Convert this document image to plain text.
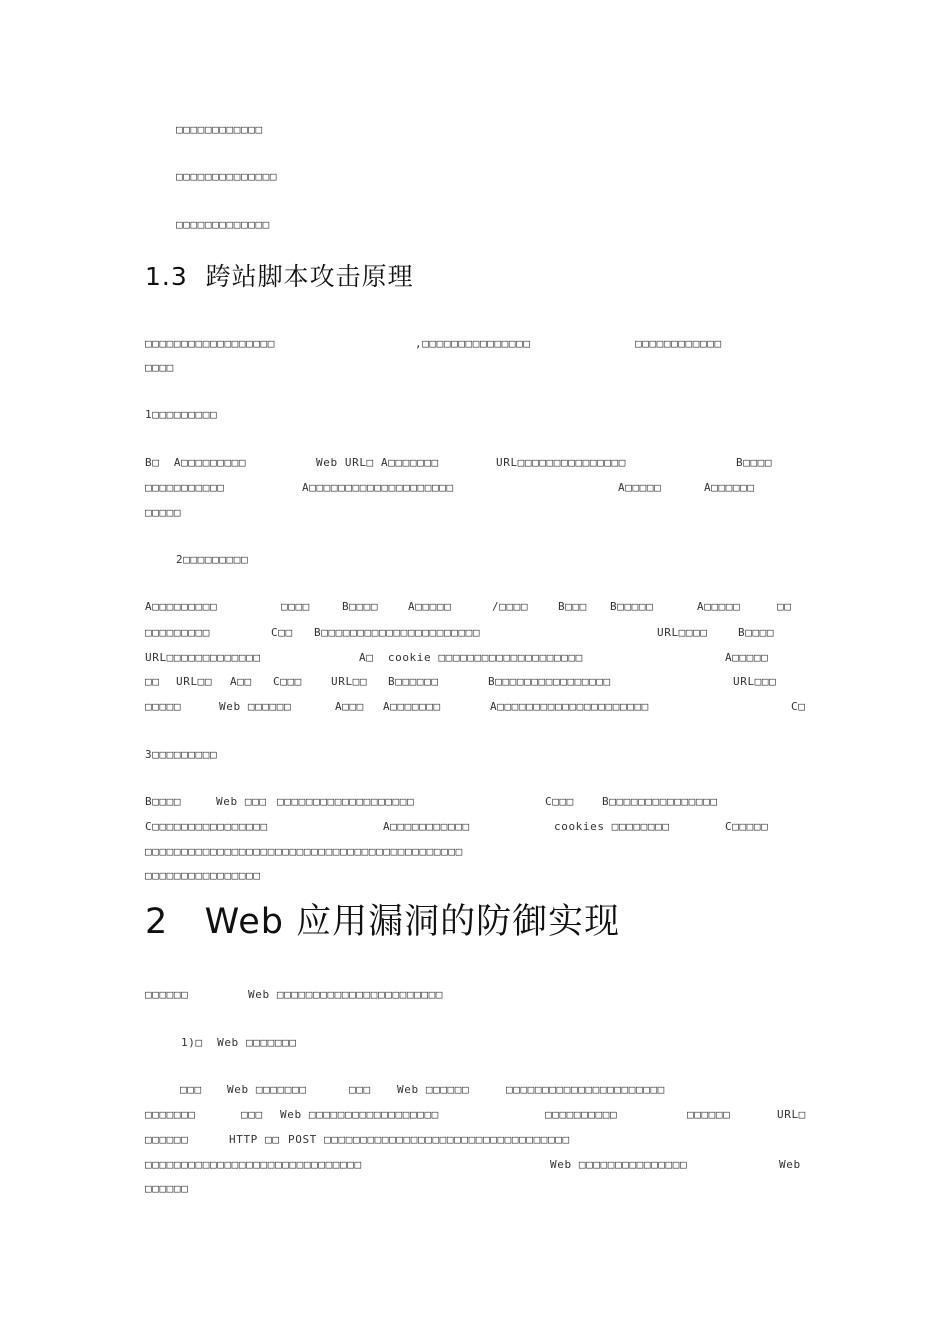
□□□□□□□□□□□□
□□□□□□□□□□□□□□
□□□□□□□□□□□□□
1.3  跨站脚本攻击原理
□□□□□□□□□□□□□□□□□□	,□□□□□□□□□□□□□□□	□□□□□□□□□□□□
□□□□
1□□□□□□□□□
B□  A□□□□□□□□□	Web URL□ A□□□□□□□	URL□□□□□□□□□□□□□□□	B□□□□
□□□□□□□□□□□	A□□□□□□□□□□□□□□□□□□□□	A□□□□□	A□□□□□□
□□□□□
2□□□□□□□□□
A□□□□□□□□□	□□□□	B□□□□	A□□□□□	/□□□□	B□□□ B□□□□□	A□□□□□	□□
□□□□□□□□□	C□□ B□□□□□□□□□□□□□□□□□□□□□□	URL□□□□	B□□□□
URL□□□□□□□□□□□□□	A□  cookie □□□□□□□□□□□□□□□□□□□□	A□□□□□
□□ URL□□ A□□ C□□□	URL□□ B□□□□□□	B□□□□□□□□□□□□□□□□	URL□□□
□□□□□	Web □□□□□□	A□□□ A□□□□□□□	A□□□□□□□□□□□□□□□□□□□□□	C□
3□□□□□□□□□
B□□□□	Web □□□ □□□□□□□□□□□□□□□□□□□	C□□□	B□□□□□□□□□□□□□□□
C□□□□□□□□□□□□□□□□	A□□□□□□□□□□□	cookies □□□□□□□□	C□□□□□
□□□□□□□□□□□□□□□□□□□□□□□□□□□□□□□□□□□□□□□□□□□□
□□□□□□□□□□□□□□□□
2   Web 应用漏洞的防御实现
□□□□□□	Web □□□□□□□□□□□□□□□□□□□□□□□
1)□  Web □□□□□□□
□□□ Web □□□□□□□	□□□ Web □□□□□□	□□□□□□□□□□□□□□□□□□□□□□
□□□□□□□	□□□ Web □□□□□□□□□□□□□□□□□□	□□□□□□□□□□	□□□□□□	URL□
□□□□□□	HTTP □□ POST □□□□□□□□□□□□□□□□□□□□□□□□□□□□□□□□□□
□□□□□□□□□□□□□□□□□□□□□□□□□□□□□□	Web □□□□□□□□□□□□□□□	Web
□□□□□□
